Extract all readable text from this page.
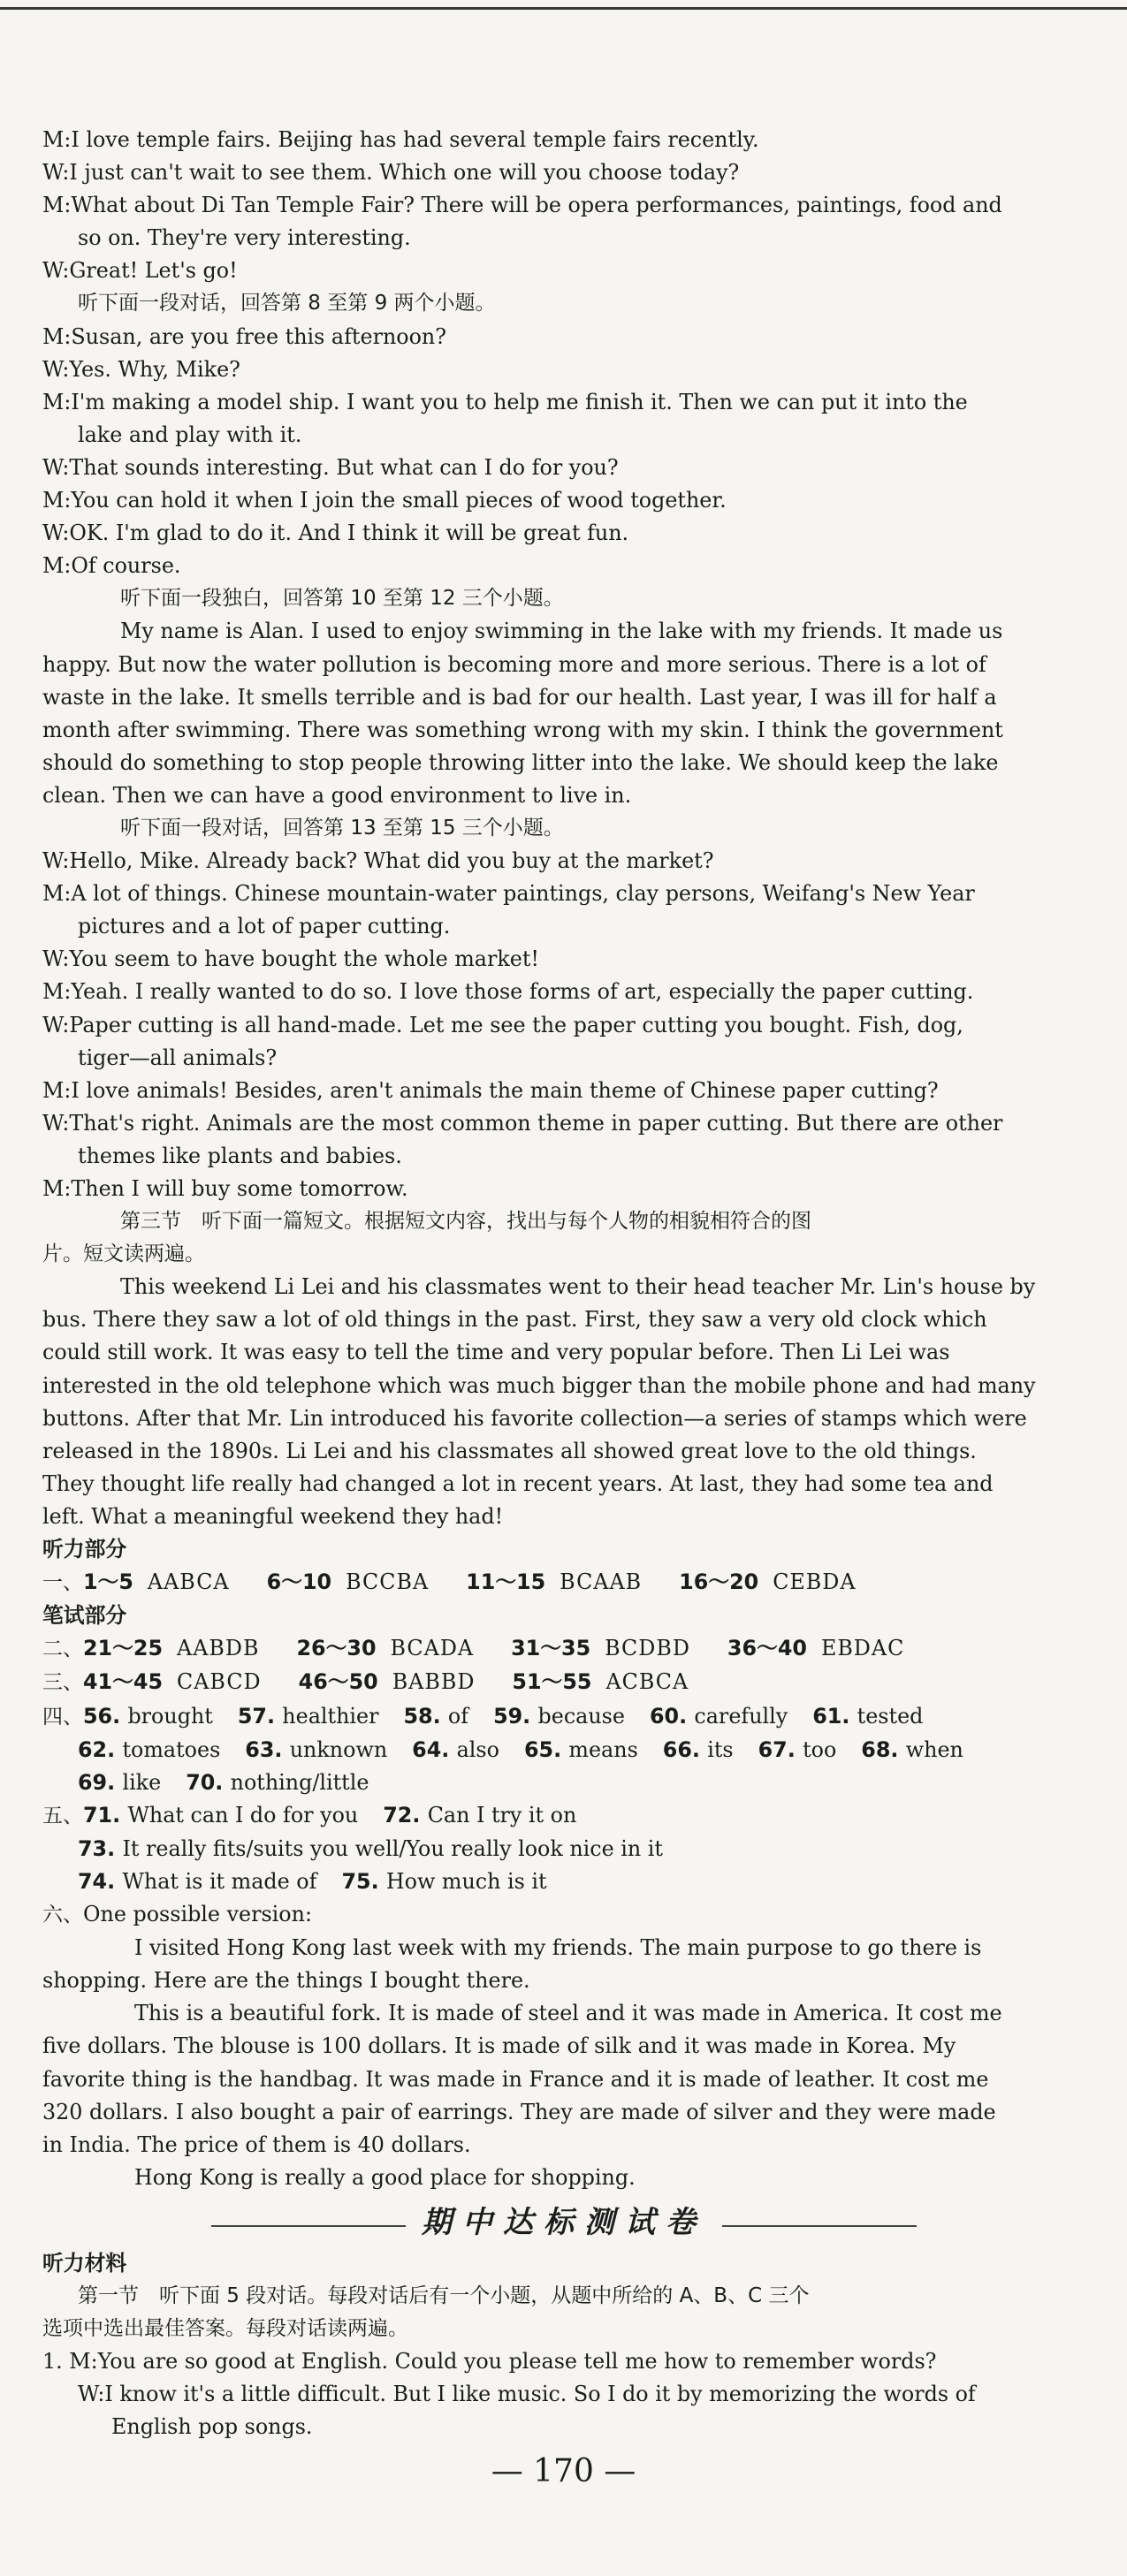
M:I love temple fairs. Beijing has had several temple fairs recently.
W:I just can't wait to see them. Which one will you choose today?
M:What about Di Tan Temple Fair? There will be opera performances, paintings, food and
so on. They're very interesting.
W:Great! Let's go!
听下面一段对话，回答第 8 至第 9 两个小题。
M:Susan, are you free this afternoon?
W:Yes. Why, Mike?
M:I'm making a model ship. I want you to help me finish it. Then we can put it into the
lake and play with it.
W:That sounds interesting. But what can I do for you?
M:You can hold it when I join the small pieces of wood together.
W:OK. I'm glad to do it. And I think it will be great fun.
M:Of course.
听下面一段独白，回答第 10 至第 12 三个小题。
My name is Alan. I used to enjoy swimming in the lake with my friends. It made us
happy. But now the water pollution is becoming more and more serious. There is a lot of
waste in the lake. It smells terrible and is bad for our health. Last year, I was ill for half a
month after swimming. There was something wrong with my skin. I think the government
should do something to stop people throwing litter into the lake. We should keep the lake
clean. Then we can have a good environment to live in.
听下面一段对话，回答第 13 至第 15 三个小题。
W:Hello, Mike. Already back? What did you buy at the market?
M:A lot of things. Chinese mountain-water paintings, clay persons, Weifang's New Year
pictures and a lot of paper cutting.
W:You seem to have bought the whole market!
M:Yeah. I really wanted to do so. I love those forms of art, especially the paper cutting.
W:Paper cutting is all hand-made. Let me see the paper cutting you bought. Fish, dog,
tiger—all animals?
M:I love animals! Besides, aren't animals the main theme of Chinese paper cutting?
W:That's right. Animals are the most common theme in paper cutting. But there are other
themes like plants and babies.
M:Then I will buy some tomorrow.
第三节　听下面一篇短文。根据短文内容，找出与每个人物的相貌相符合的图
片。短文读两遍。
This weekend Li Lei and his classmates went to their head teacher Mr. Lin's house by
bus. There they saw a lot of old things in the past. First, they saw a very old clock which
could still work. It was easy to tell the time and very popular before. Then Li Lei was
interested in the old telephone which was much bigger than the mobile phone and had many
buttons. After that Mr. Lin introduced his favorite collection—a series of stamps which were
released in the 1890s. Li Lei and his classmates all showed great love to the old things.
They thought life really had changed a lot in recent years. At last, they had some tea and
left. What a meaningful weekend they had!
听力部分
一、1～5 AABCA 6～10 BCCBA 11～15 BCAAB 16～20 CEBDA
笔试部分
二、21～25 AABDB 26～30 BCADA 31～35 BCDBD 36～40 EBDAC
三、41～45 CABCD 46～50 BABBD 51～55 ACBCA
四、56. brought 57. healthier 58. of 59. because 60. carefully 61. tested
62. tomatoes 63. unknown 64. also 65. means 66. its 67. too 68. when
69. like 70. nothing/little
五、71. What can I do for you 72. Can I try it on
73. It really fits/suits you well/You really look nice in it
74. What is it made of 75. How much is it
六、One possible version:
I visited Hong Kong last week with my friends. The main purpose to go there is
shopping. Here are the things I bought there.
This is a beautiful fork. It is made of steel and it was made in America. It cost me
five dollars. The blouse is 100 dollars. It is made of silk and it was made in Korea. My
favorite thing is the handbag. It was made in France and it is made of leather. It cost me
320 dollars. I also bought a pair of earrings. They are made of silver and they were made
in India. The price of them is 40 dollars.
Hong Kong is really a good place for shopping.
期中达标测试卷
听力材料
第一节　听下面 5 段对话。每段对话后有一个小题，从题中所给的 A、B、C 三个
选项中选出最佳答案。每段对话读两遍。
1. M:You are so good at English. Could you please tell me how to remember words?
W:I know it's a little difficult. But I like music. So I do it by memorizing the words of
English pop songs.
— 170 —
